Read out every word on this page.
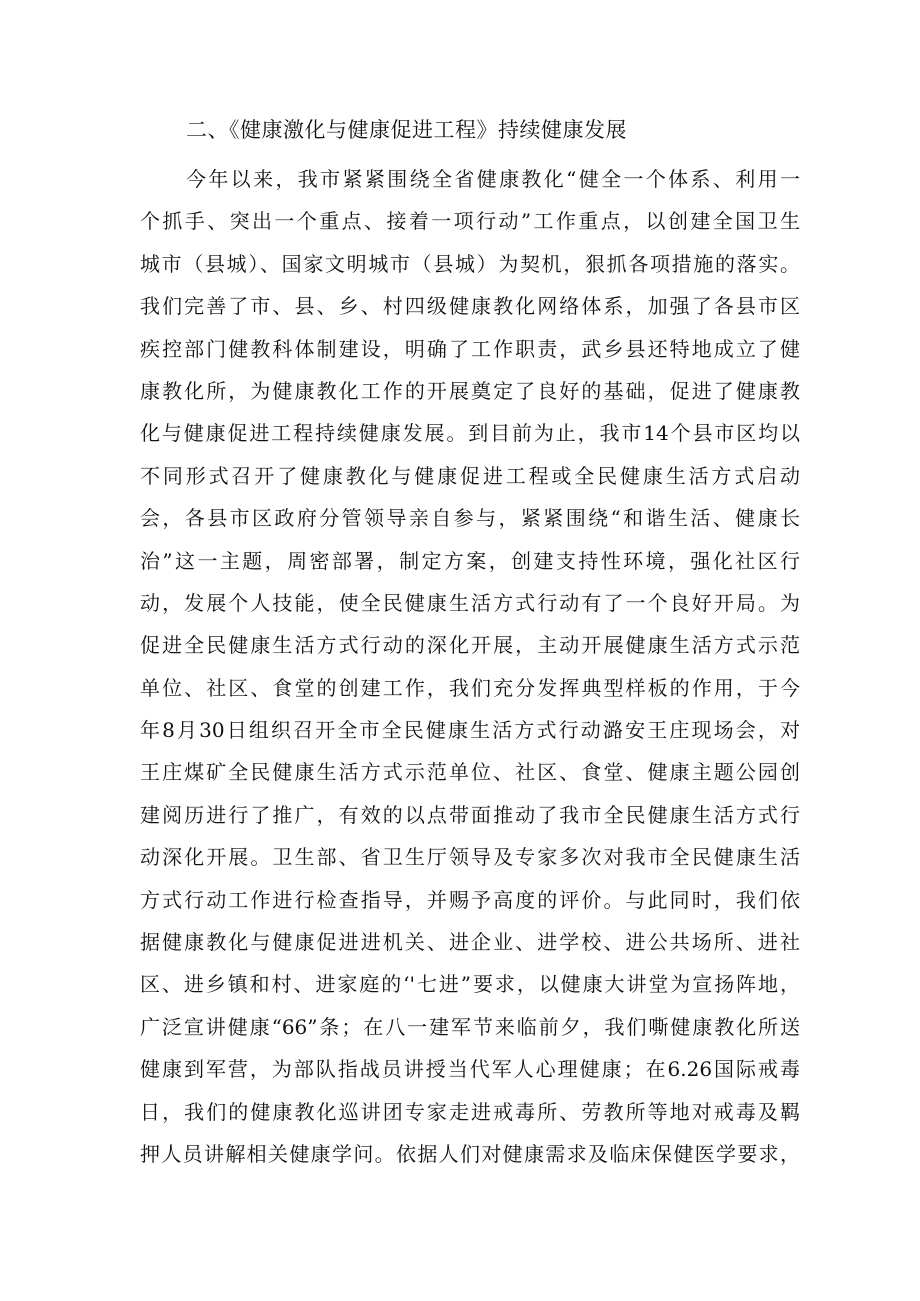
二、《健康激化与健康促进工程》持续健康发展
今年以来，我市紧紧围绕全省健康教化“健全一个体系、利用一
个抓手、突出一个重点、接着一项行动”工作重点，以创建全国卫生
城市（县城）、国家文明城市（县城）为契机，狠抓各项措施的落实。
我们完善了市、县、乡、村四级健康教化网络体系，加强了各县市区
疾控部门健教科体制建设，明确了工作职责，武乡县还特地成立了健
康教化所，为健康教化工作的开展奠定了良好的基础，促进了健康教
化与健康促进工程持续健康发展。到目前为止，我市14个县市区均以
不同形式召开了健康教化与健康促进工程或全民健康生活方式启动
会，各县市区政府分管领导亲自参与，紧紧围绕“和谐生活、健康长
治”这一主题，周密部署，制定方案，创建支持性环境，强化社区行
动，发展个人技能，使全民健康生活方式行动有了一个良好开局。为
促进全民健康生活方式行动的深化开展，主动开展健康生活方式示范
单位、社区、食堂的创建工作，我们充分发挥典型样板的作用，于今
年8月30日组织召开全市全民健康生活方式行动潞安王庄现场会，对
王庄煤矿全民健康生活方式示范单位、社区、食堂、健康主题公园创
建阅历进行了推广，有效的以点带面推动了我市全民健康生活方式行
动深化开展。卫生部、省卫生厅领导及专家多次对我市全民健康生活
方式行动工作进行检查指导，并赐予高度的评价。与此同时，我们依
据健康教化与健康促进进机关、进企业、进学校、进公共场所、进社
区、进乡镇和村、进家庭的‘'七进”要求，以健康大讲堂为宣扬阵地，
广泛宣讲健康“66”条；在八一建军节来临前夕，我们嘶健康教化所送
健康到军营，为部队指战员讲授当代军人心理健康；在6.26国际戒毒
日，我们的健康教化巡讲团专家走进戒毒所、劳教所等地对戒毒及羁
押人员讲解相关健康学问。依据人们对健康需求及临床保健医学要求，
